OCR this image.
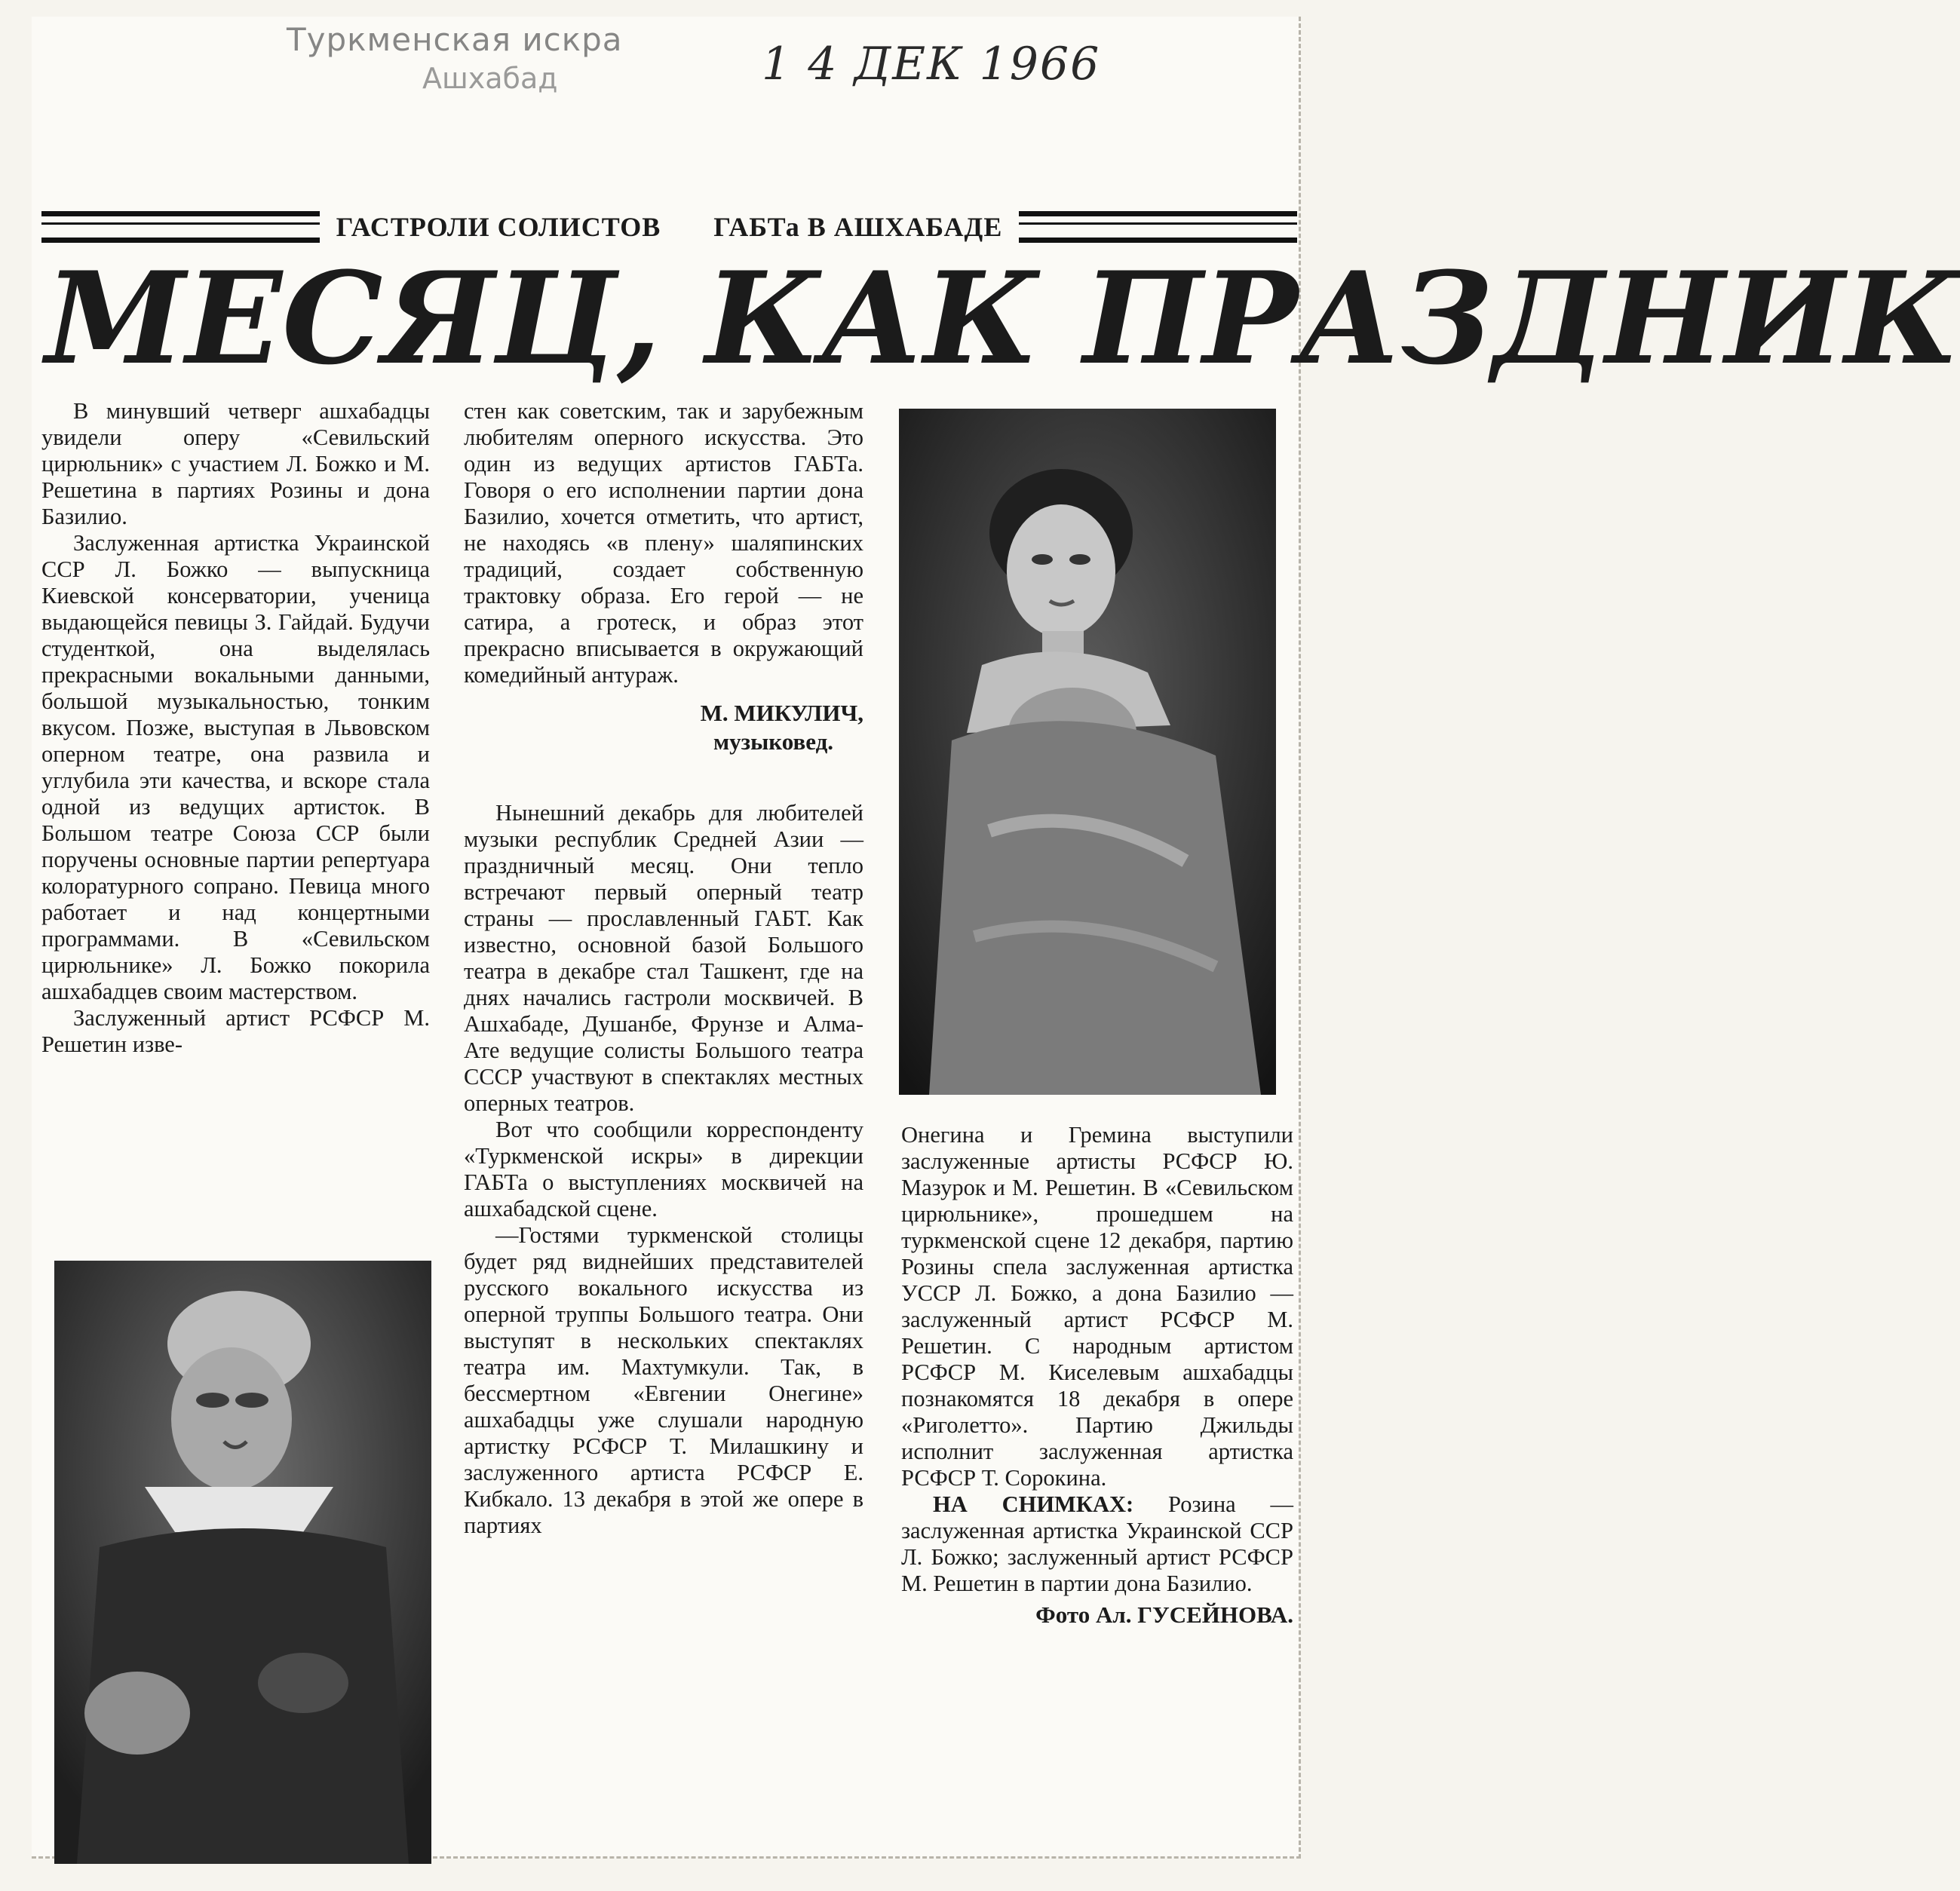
Туркменская искра
Ашхабад	1 4 ДЕК 1966
ГАСТРОЛИ СОЛИСТОВ ГАБТа В АШХАБАДЕ
МЕСЯЦ, КАК ПРАЗДНИК

В минувший четверг ашхабадцы увидели оперу «Севильский цирюльник» с участием Л. Божко и М. Решетина в партиях Розины и дона Базилио.

Заслуженная артистка Украинской ССР Л. Божко — выпускница Киевской консерватории, ученица выдающейся певицы З. Гайдай. Будучи студенткой, она выделялась прекрасными вокальными данными, большой музыкальностью, тонким вкусом. Позже, выступая в Львовском оперном театре, она развила и углубила эти качества, и вскоре стала одной из ведущих артисток. В Большом театре Союза ССР были поручены основные партии репертуара колоратурного сопрано. Певица много работает и над концертными программами. В «Севильском цирюльнике» Л. Божко покорила ашхабадцев своим мастерством.

Заслуженный артист РСФСР М. Решетин изве-

стен как советским, так и зарубежным любителям оперного искусства. Это один из ведущих артистов ГАБТа. Говоря о его исполнении партии дона Базилио, хочется отметить, что артист, не находясь «в плену» шаляпинских традиций, создает собственную трактовку образа. Его герой — не сатира, а гротеск, и образ этот прекрасно вписывается в окружающий комедийный антураж.

М. МИКУЛИЧ,
музыковед.

Нынешний декабрь для любителей музыки республик Средней Азии — праздничный месяц. Они тепло встречают первый оперный театр страны — прославленный ГАБТ. Как известно, основной базой Большого театра в декабре стал Ташкент, где на днях начались гастроли москвичей. В Ашхабаде, Душанбе, Фрунзе и Алма-Ате ведущие солисты Большого театра СССР участвуют в спектаклях местных оперных театров.

Вот что сообщили корреспонденту «Туркменской искры» в дирекции ГАБТа о выступлениях москвичей на ашхабадской сцене.

—Гостями туркменской столицы будет ряд виднейших представителей русского вокального искусства из оперной труппы Большого театра. Они выступят в нескольких спектаклях театра им. Махтумкули. Так, в бессмертном «Евгении Онегине» ашхабадцы уже слушали народную артистку РСФСР Т. Милашкину и заслуженного артиста РСФСР Е. Кибкало. 13 декабря в этой же опере в партиях

Онегина и Гремина выступили заслуженные артисты РСФСР Ю. Мазурок и М. Решетин. В «Севильском цирюльнике», прошедшем на туркменской сцене 12 декабря, партию Розины спела заслуженная артистка УССР Л. Божко, а дона Базилио — заслуженный артист РСФСР М. Решетин. С народным артистом РСФСР М. Киселевым ашхабадцы познакомятся 18 декабря в опере «Риголетто». Партию Джильды исполнит заслуженная артистка РСФСР Т. Сорокина.

НА СНИМКАХ: Розина — заслуженная артистка Украинской ССР Л. Божко; заслуженный артист РСФСР М. Решетин в партии дона Базилио.

Фото Ал. ГУСЕЙНОВА.
